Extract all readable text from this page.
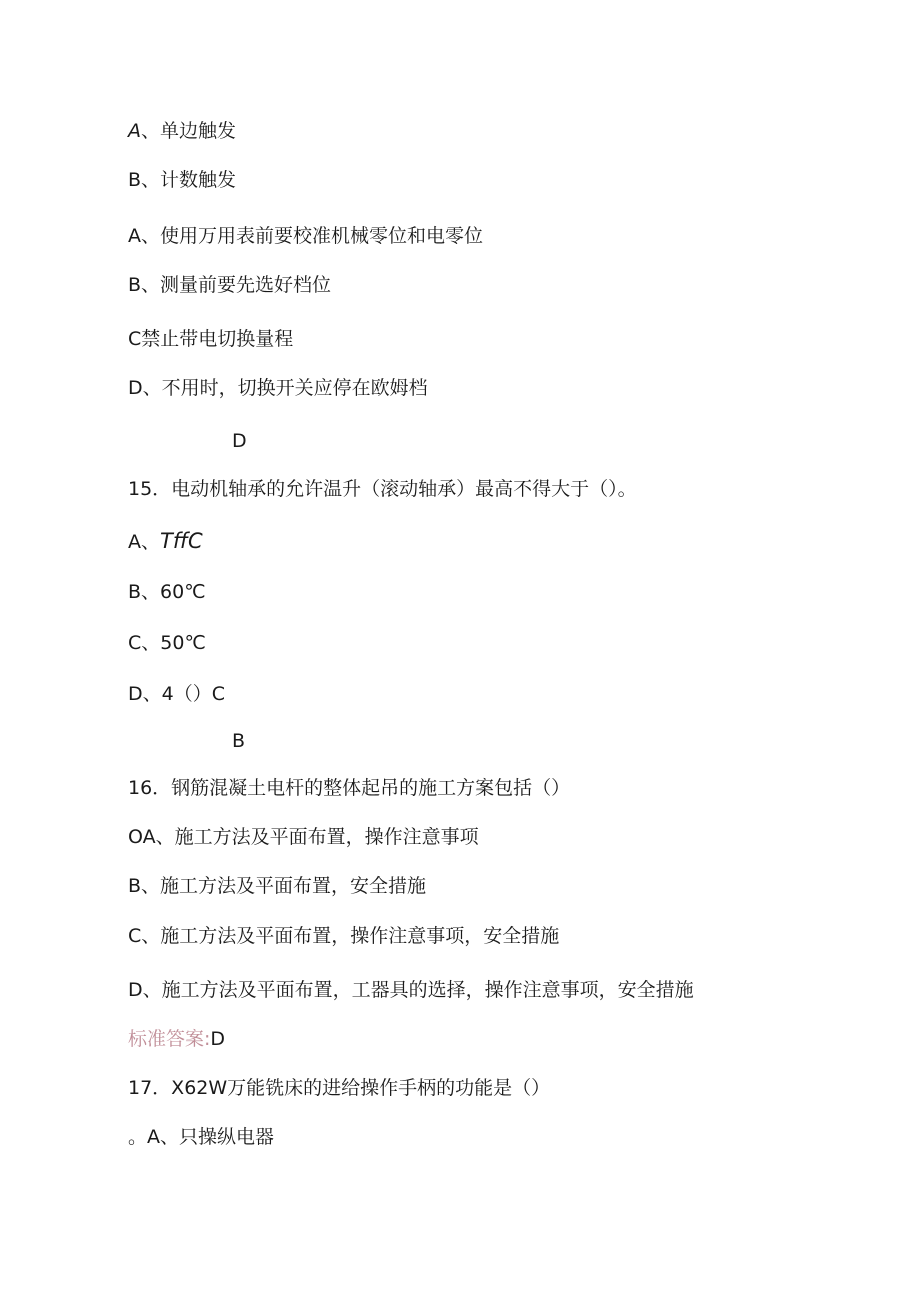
A、单边触发
B、计数触发
A、使用万用表前要校准机械零位和电零位
B、测量前要先选好档位
C禁止带电切换量程
D、不用时，切换开关应停在欧姆档
D
15．电动机轴承的允许温升（滚动轴承）最高不得大于（）。
A、TffC
B、60℃
C、50℃
D、4（）C
B
16．钢筋混凝土电杆的整体起吊的施工方案包括（）
OA、施工方法及平面布置，操作注意事项
B、施工方法及平面布置，安全措施
C、施工方法及平面布置，操作注意事项，安全措施
D、施工方法及平面布置，工器具的选择，操作注意事项，安全措施
标准答案:D
17．X62W万能铣床的进给操作手柄的功能是（）
。A、只操纵电器
